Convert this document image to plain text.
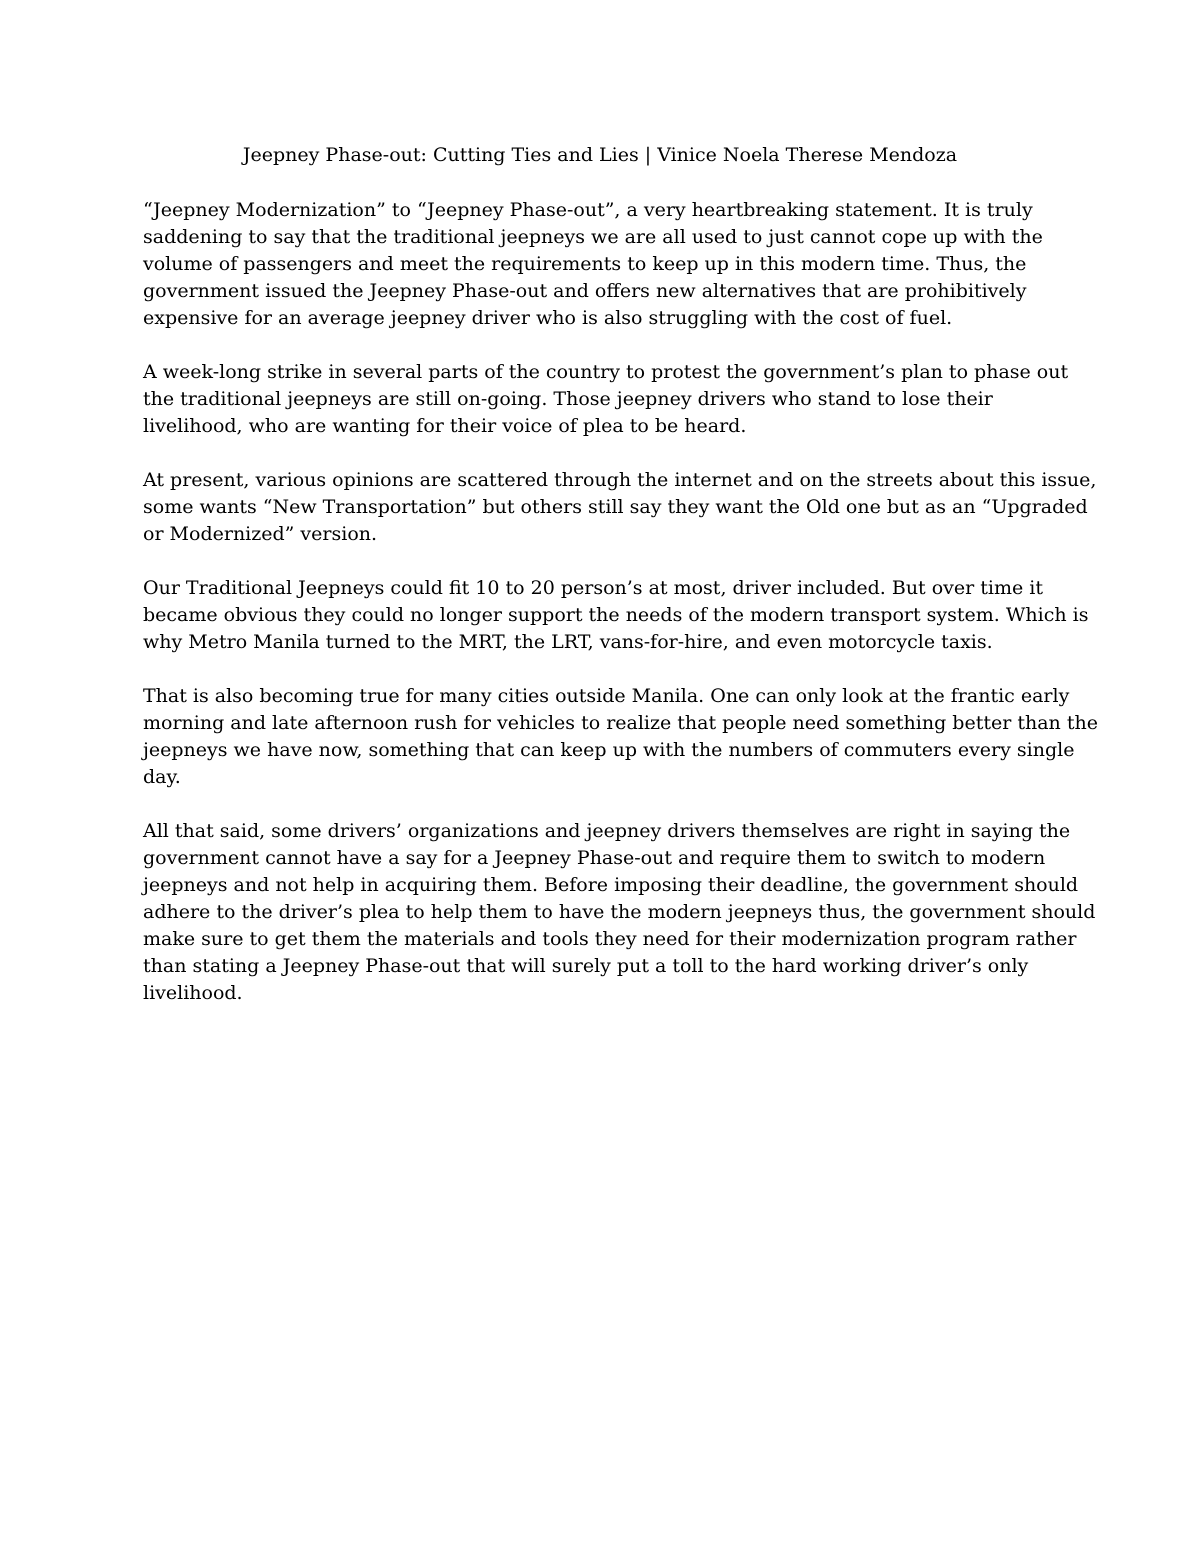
Jeepney Phase-out: Cutting Ties and Lies | Vinice Noela Therese Mendoza

“Jeepney Modernization” to “Jeepney Phase-out”, a very heartbreaking statement. It is truly
saddening to say that the traditional jeepneys we are all used to just cannot cope up with the
volume of passengers and meet the requirements to keep up in this modern time. Thus, the
government issued the Jeepney Phase-out and offers new alternatives that are prohibitively
expensive for an average jeepney driver who is also struggling with the cost of fuel.

A week-long strike in several parts of the country to protest the government’s plan to phase out
the traditional jeepneys are still on-going. Those jeepney drivers who stand to lose their
livelihood, who are wanting for their voice of plea to be heard.

At present, various opinions are scattered through the internet and on the streets about this issue,
some wants “New Transportation” but others still say they want the Old one but as an “Upgraded
or Modernized” version.

Our Traditional Jeepneys could fit 10 to 20 person’s at most, driver included. But over time it
became obvious they could no longer support the needs of the modern transport system. Which is
why Metro Manila turned to the MRT, the LRT, vans-for-hire, and even motorcycle taxis.

That is also becoming true for many cities outside Manila. One can only look at the frantic early
morning and late afternoon rush for vehicles to realize that people need something better than the
jeepneys we have now, something that can keep up with the numbers of commuters every single
day.

All that said, some drivers’ organizations and jeepney drivers themselves are right in saying the
government cannot have a say for a Jeepney Phase-out and require them to switch to modern
jeepneys and not help in acquiring them. Before imposing their deadline, the government should
adhere to the driver’s plea to help them to have the modern jeepneys thus, the government should
make sure to get them the materials and tools they need for their modernization program rather
than stating a Jeepney Phase-out that will surely put a toll to the hard working driver’s only
livelihood.
